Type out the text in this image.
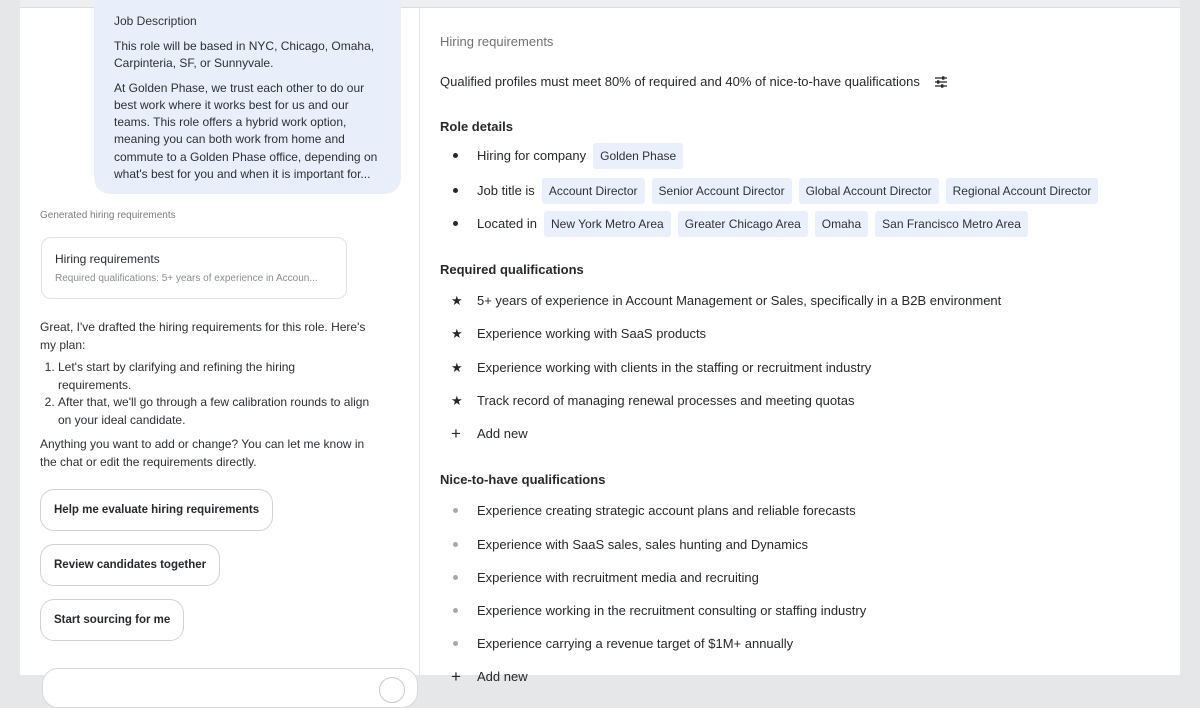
Job Description
This role will be based in NYC, Chicago, Omaha, Carpinteria, SF, or Sunnyvale.
At Golden Phase, we trust each other to do our best work where it works best for us and our teams. This role offers a hybrid work option, meaning you can both work from home and commute to a Golden Phase office, depending on what's best for you and when it is important for...
Generated hiring requirements
Hiring requirements
Required qualifications: 5+ years of experience in Accoun...
Great, I've drafted the hiring requirements for this role. Here's my plan:
1. Let's start by clarifying and refining the hiring requirements.
2. After that, we'll go through a few calibration rounds to align on your ideal candidate.
Anything you want to add or change? You can let me know in the chat or edit the requirements directly.
Help me evaluate hiring requirements
Review candidates together
Start sourcing for me
Hiring requirements
Qualified profiles must meet 80% of required and 40% of nice-to-have qualifications
Role details
Hiring for company	Golden Phase
Job title is	Account Director	Senior Account Director	Global Account Director	Regional Account Director
Located in	New York Metro Area	Greater Chicago Area	Omaha	San Francisco Metro Area
Required qualifications
★ 5+ years of experience in Account Management or Sales, specifically in a B2B environment
★ Experience working with SaaS products
★ Experience working with clients in the staffing or recruitment industry
★ Track record of managing renewal processes and meeting quotas
+ Add new
Nice-to-have qualifications
Experience creating strategic account plans and reliable forecasts
Experience with SaaS sales, sales hunting and Dynamics
Experience with recruitment media and recruiting
Experience working in the recruitment consulting or staffing industry
Experience carrying a revenue target of $1M+ annually
+ Add new
